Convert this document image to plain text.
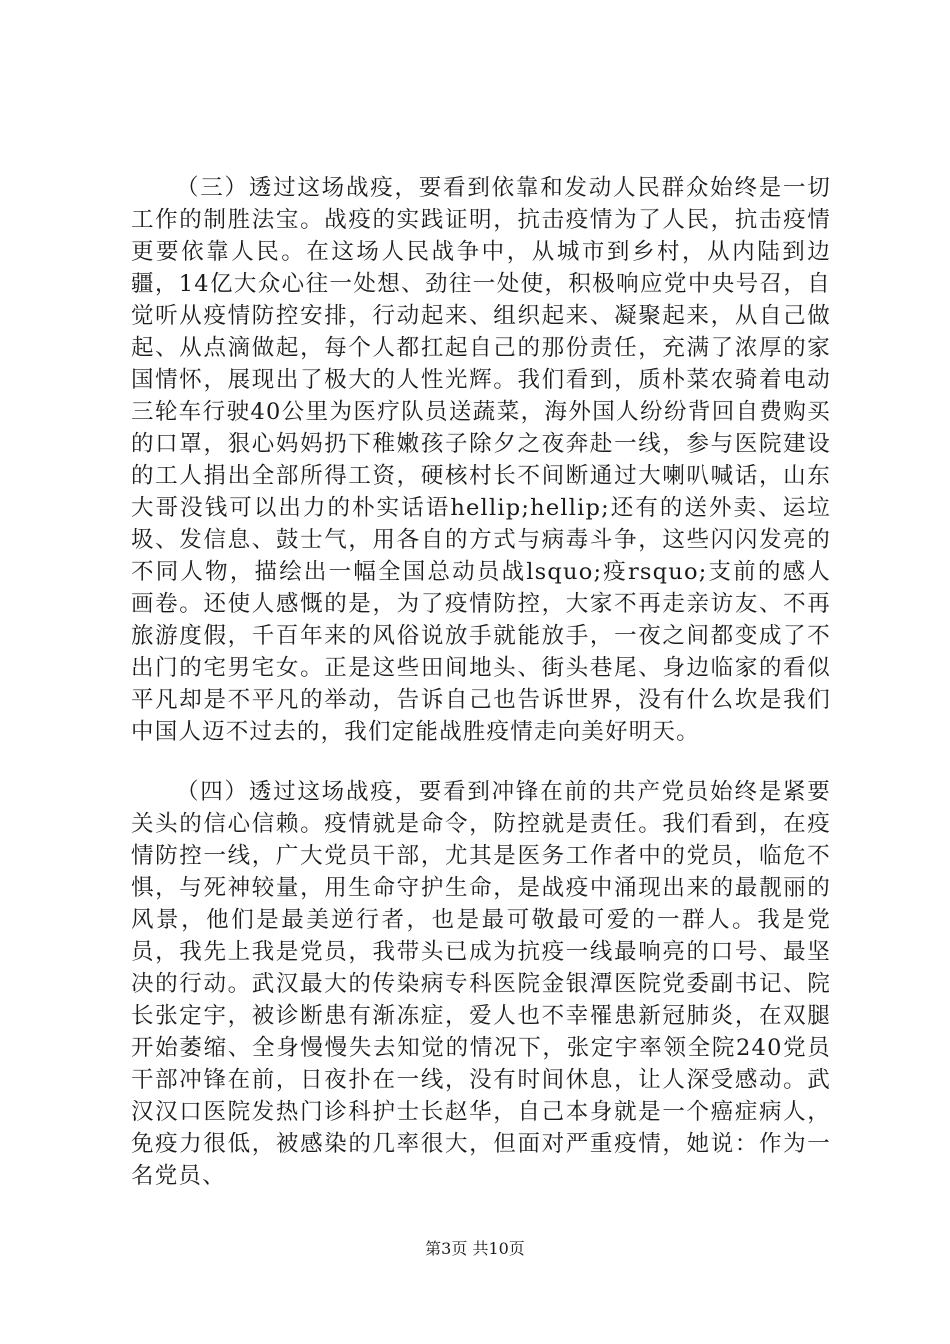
（三）透过这场战疫，要看到依靠和发动人民群众始终是一切工作的制胜法宝。战疫的实践证明，抗击疫情为了人民，抗击疫情更要依靠人民。在这场人民战争中，从城市到乡村，从内陆到边疆，14亿大众心往一处想、劲往一处使，积极响应党中央号召，自觉听从疫情防控安排，行动起来、组织起来、凝聚起来，从自己做起、从点滴做起，每个人都扛起自己的那份责任，充满了浓厚的家国情怀，展现出了极大的人性光辉。我们看到，质朴菜农骑着电动三轮车行驶40公里为医疗队员送蔬菜，海外国人纷纷背回自费购买的口罩，狠心妈妈扔下稚嫩孩子除夕之夜奔赴一线，参与医院建设的工人捐出全部所得工资，硬核村长不间断通过大喇叭喊话，山东大哥没钱可以出力的朴实话语hellip;hellip;还有的送外卖、运垃圾、发信息、鼓士气，用各自的方式与病毒斗争，这些闪闪发亮的不同人物，描绘出一幅全国总动员战lsquo;疫rsquo;支前的感人画卷。还使人感慨的是，为了疫情防控，大家不再走亲访友、不再旅游度假，千百年来的风俗说放手就能放手，一夜之间都变成了不出门的宅男宅女。正是这些田间地头、街头巷尾、身边临家的看似平凡却是不平凡的举动，告诉自己也告诉世界，没有什么坎是我们中国人迈不过去的，我们定能战胜疫情走向美好明天。

（四）透过这场战疫，要看到冲锋在前的共产党员始终是紧要关头的信心信赖。疫情就是命令，防控就是责任。我们看到，在疫情防控一线，广大党员干部，尤其是医务工作者中的党员，临危不惧，与死神较量，用生命守护生命，是战疫中涌现出来的最靓丽的风景，他们是最美逆行者，也是最可敬最可爱的一群人。我是党员，我先上我是党员，我带头已成为抗疫一线最响亮的口号、最坚决的行动。武汉最大的传染病专科医院金银潭医院党委副书记、院长张定宇，被诊断患有渐冻症，爱人也不幸罹患新冠肺炎，在双腿开始萎缩、全身慢慢失去知觉的情况下，张定宇率领全院240党员干部冲锋在前，日夜扑在一线，没有时间休息，让人深受感动。武汉汉口医院发热门诊科护士长赵华，自己本身就是一个癌症病人，免疫力很低，被感染的几率很大，但面对严重疫情，她说：作为一名党员、

第3页 共10页
